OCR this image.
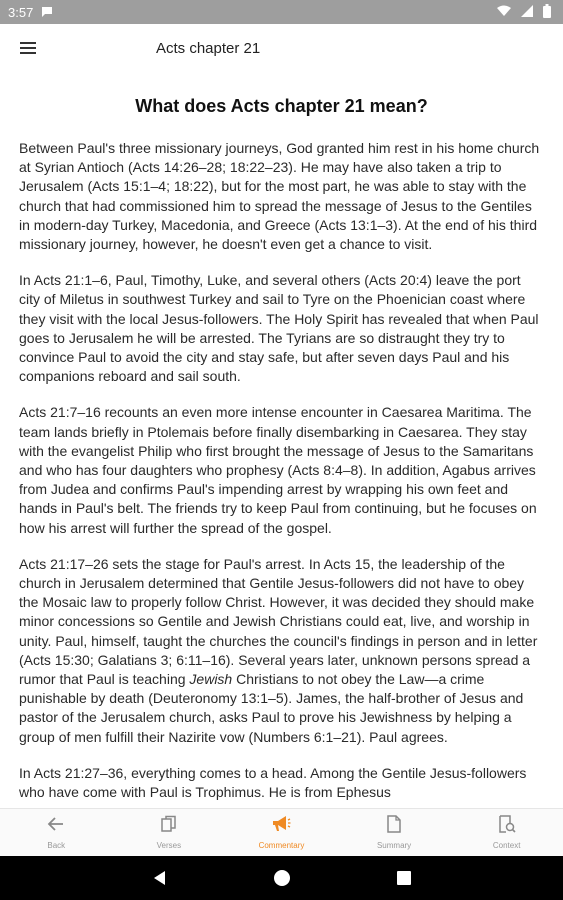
3:57
Acts chapter 21
What does Acts chapter 21 mean?

Between Paul's three missionary journeys, God granted him rest in his home church at Syrian Antioch (Acts 14:26–28; 18:22–23). He may have also taken a trip to Jerusalem (Acts 15:1–4; 18:22), but for the most part, he was able to stay with the church that had commissioned him to spread the message of Jesus to the Gentiles in modern-day Turkey, Macedonia, and Greece (Acts 13:1–3). At the end of his third missionary journey, however, he doesn't even get a chance to visit.

In Acts 21:1–6, Paul, Timothy, Luke, and several others (Acts 20:4) leave the port city of Miletus in southwest Turkey and sail to Tyre on the Phoenician coast where they visit with the local Jesus-followers. The Holy Spirit has revealed that when Paul goes to Jerusalem he will be arrested. The Tyrians are so distraught they try to convince Paul to avoid the city and stay safe, but after seven days Paul and his companions reboard and sail south.

Acts 21:7–16 recounts an even more intense encounter in Caesarea Maritima. The team lands briefly in Ptolemais before finally disembarking in Caesarea. They stay with the evangelist Philip who first brought the message of Jesus to the Samaritans and who has four daughters who prophesy (Acts 8:4–8). In addition, Agabus arrives from Judea and confirms Paul's impending arrest by wrapping his own feet and hands in Paul's belt. The friends try to keep Paul from continuing, but he focuses on how his arrest will further the spread of the gospel.

Acts 21:17–26 sets the stage for Paul's arrest. In Acts 15, the leadership of the church in Jerusalem determined that Gentile Jesus-followers did not have to obey the Mosaic law to properly follow Christ. However, it was decided they should make minor concessions so Gentile and Jewish Christians could eat, live, and worship in unity. Paul, himself, taught the churches the council's findings in person and in letter (Acts 15:30; Galatians 3; 6:11–16). Several years later, unknown persons spread a rumor that Paul is teaching Jewish Christians to not obey the Law—a crime punishable by death (Deuteronomy 13:1–5). James, the half-brother of Jesus and pastor of the Jerusalem church, asks Paul to prove his Jewishness by helping a group of men fulfill their Nazirite vow (Numbers 6:1–21). Paul agrees.

In Acts 21:27–36, everything comes to a head. Among the Gentile Jesus-followers who have come with Paul is Trophimus. He is from Ephesus

Back	Verses	Commentary	Summary	Context
